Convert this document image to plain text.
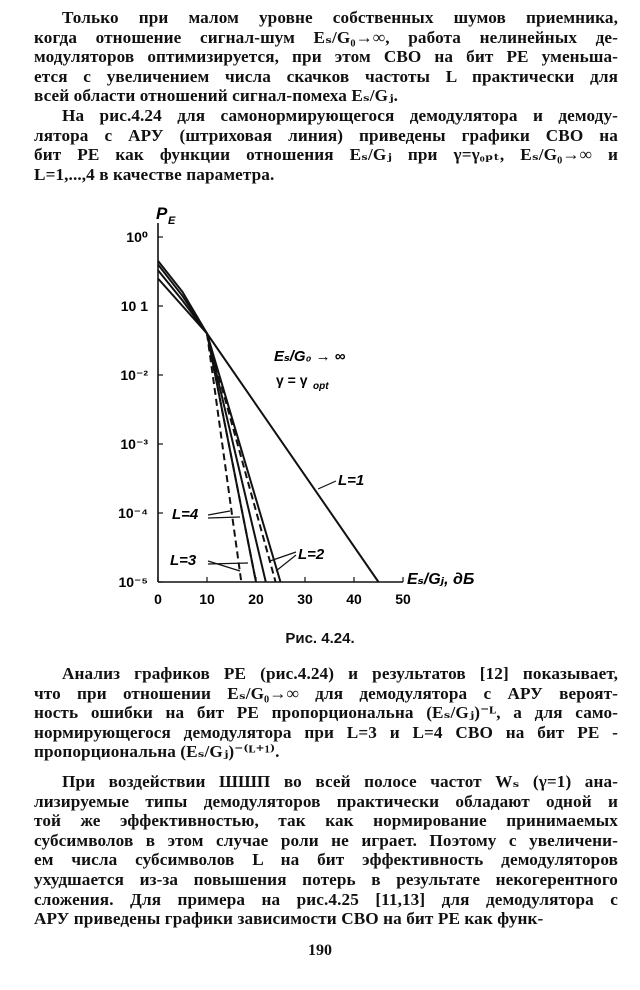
Только при малом уровне собственных шумов приемника,
когда отношение сигнал-шум Eₛ/G₀→∞, работа нелинейных де-
модуляторов оптимизируется, при этом СВО на бит PЕ уменьша-
ется с увеличением числа скачков частоты L практически для
всей области отношений сигнал-помеха Eₛ/Gⱼ.
На рис.4.24 для самонормирующегося демодулятора и демоду-
лятора с АРУ (штриховая линия) приведены графики СВО на
бит PЕ как функции отношения Eₛ/Gⱼ при γ=γₒₚₜ, Eₛ/G₀→∞ и
L=1,...,4 в качестве параметра.
10⁰
10 1
10⁻²
10⁻³
10⁻⁴
10⁻⁵
0	10 20 30 40 50
P E
Eₛ/Gⱼ, дБ
Eₛ/G₀ → ∞
γ = γ opt
L=1
L=2
L=3
L=4
Рис. 4.24.
Анализ графиков PЕ (рис.4.24) и результатов [12] показывает,
что при отношении Eₛ/G₀→∞ для демодулятора с АРУ вероят-
ность ошибки на бит PЕ пропорциональна (Eₛ/Gⱼ)⁻ᴸ, а для само-
нормирующегося демодулятора при L=3 и L=4 СВО на бит PЕ -
пропорциональна (Eₛ/Gⱼ)⁻⁽ᴸ⁺¹⁾.
При воздействии ШШП во всей полосе частот Wₛ (γ=1) ана-
лизируемые типы демодуляторов практически обладают одной и
той же эффективностью, так как нормирование принимаемых
субсимволов в этом случае роли не играет. Поэтому с увеличени-
ем числа субсимволов L на бит эффективность демодуляторов
ухудшается из-за повышения потерь в результате некогерентного
сложения. Для примера на рис.4.25 [11,13] для демодулятора с
АРУ приведены графики зависимости СВО на бит PЕ как функ-
190
